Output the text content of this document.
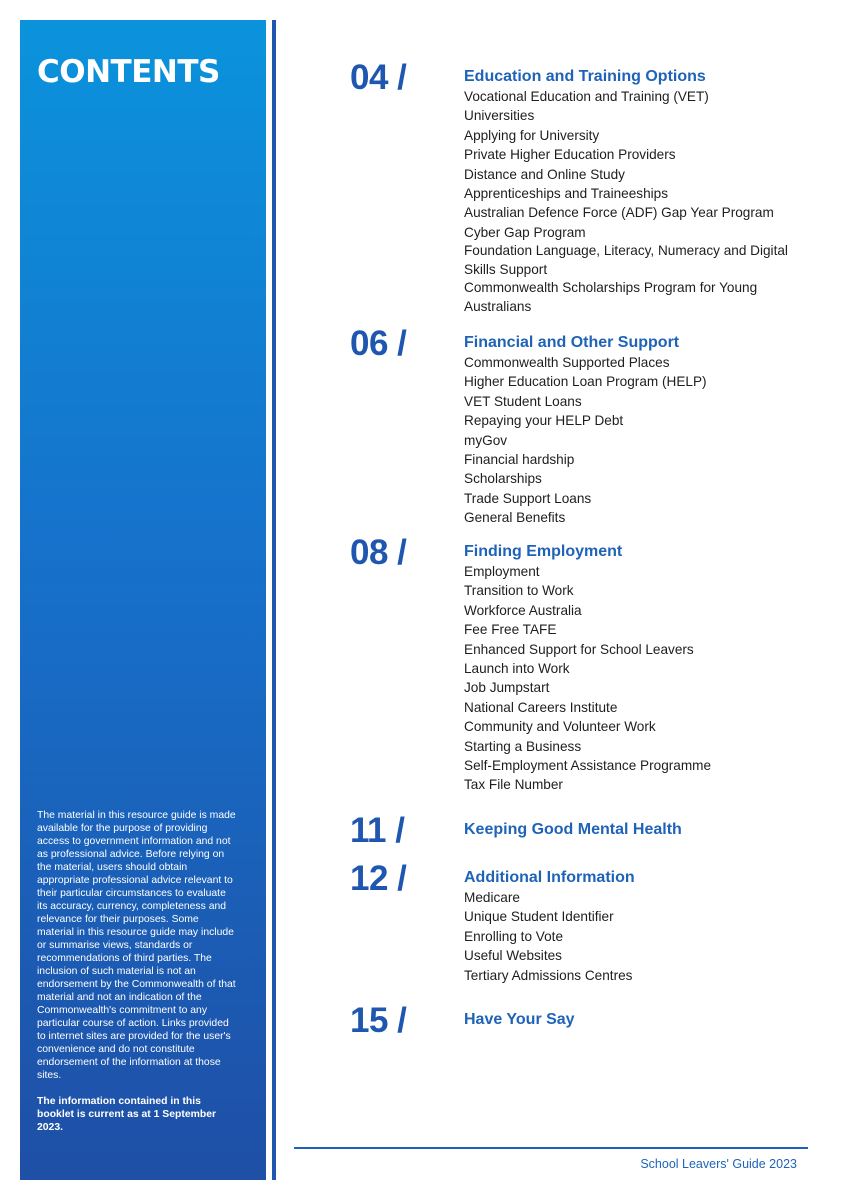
CONTENTS

The material in this resource guide is made available for the purpose of providing access to government information and not as professional advice. Before relying on the material, users should obtain appropriate professional advice relevant to their particular circumstances to evaluate its accuracy, currency, completeness and relevance for their purposes. Some material in this resource guide may include or summarise views, standards or recommendations of third parties. The inclusion of such material is not an endorsement by the Commonwealth of that material and not an indication of the Commonwealth's commitment to any particular course of action. Links provided to internet sites are provided for the user's convenience and do not constitute endorsement of the information at those sites.

The information contained in this booklet is current as at 1 September 2023.

04 /	Education and Training Options
Vocational Education and Training (VET)
Universities
Applying for University
Private Higher Education Providers
Distance and Online Study
Apprenticeships and Traineeships
Australian Defence Force (ADF) Gap Year Program
Cyber Gap Program
Foundation Language, Literacy, Numeracy and Digital Skills Support
Commonwealth Scholarships Program for Young Australians
06 /	Financial and Other Support
Commonwealth Supported Places
Higher Education Loan Program (HELP)
VET Student Loans
Repaying your HELP Debt
myGov
Financial hardship
Scholarships
Trade Support Loans
General Benefits
08 /	Finding Employment
Employment
Transition to Work
Workforce Australia
Fee Free TAFE
Enhanced Support for School Leavers
Launch into Work
Job Jumpstart
National Careers Institute
Community and Volunteer Work
Starting a Business
Self-Employment Assistance Programme
Tax File Number
11 /	Keeping Good Mental Health
12 /	Additional Information
Medicare
Unique Student Identifier
Enrolling to Vote
Useful Websites
Tertiary Admissions Centres
15 /	Have Your Say
School Leavers' Guide 2023
